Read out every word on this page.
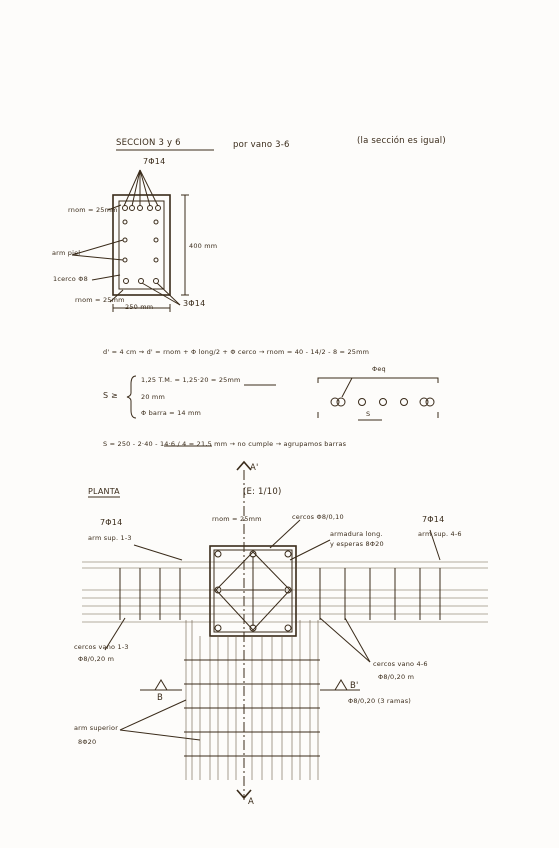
SECCION 3 y 6	por vano 3-6	(la sección es igual)
7Φ14
rnom = 25mm
arm piel
1cerco Φ8
rnom = 25mm
400 mm
250 mm	3Φ14
d' = 4 cm ⇝ d' = rnom + Φ long/2 + Φ cerco → rnom = 40 - 14/2 - 8 = 25mm
S ≥
1,25 T.M. = 1,25·20 = 25mm
20 mm
Φ barra = 14 mm
Φeq
S
S = 250 - 2·40 - 14·6 / 4 = 21,5 mm → no cumple → agrupamos barras
PLANTA
A'
(E: 1/10)
7Φ14
arm sup. 1-3
rnom = 25mm	cercos Φ8/0,10
armadura long.
y esperas 8Φ20
7Φ14
arm sup. 4-6
cercos vano 1-3
Φ8/0,20 m
B
cercos vano 4-6
Φ8/0,20 m
B'
Φ8/0,20 (3 ramas)
arm superior
8Φ20
A
